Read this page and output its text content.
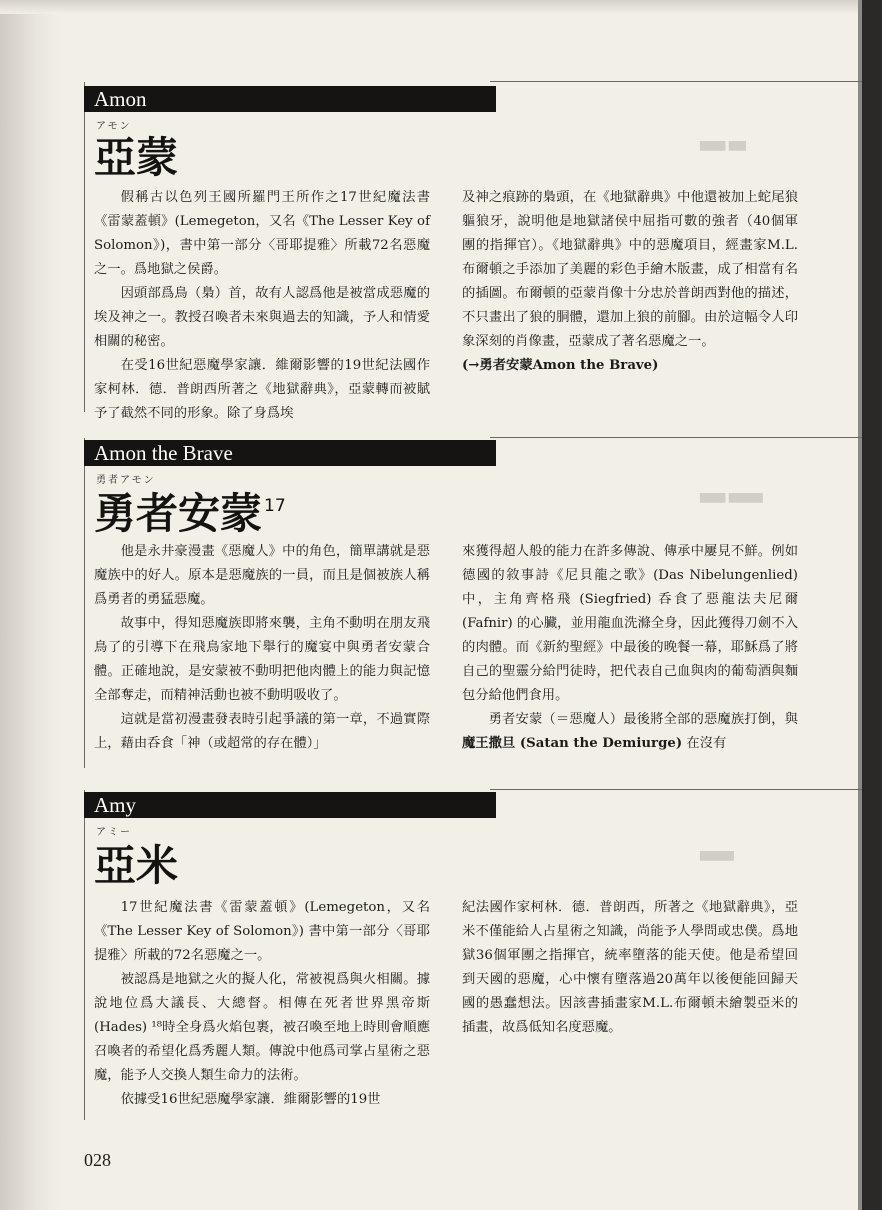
▆▆▆ ▆▆
▆▆▆ ▆▆▆▆
▆▆▆▆
Amon
アモン
亞蒙

假稱古以色列王國所羅門王所作之17世紀魔法書《雷蒙蓋頓》(Lemegeton，又名《The Lesser Key of Solomon》)，書中第一部分〈哥耶提雅〉所載72名惡魔之一。爲地獄之侯爵。

因頭部爲鳥（梟）首，故有人認爲他是被當成惡魔的埃及神之一。教授召喚者未來與過去的知識，予人和情愛相關的秘密。

在受16世紀惡魔學家讓．維爾影響的19世紀法國作家柯林．德．普朗西所著之《地獄辭典》，亞蒙轉而被賦予了截然不同的形象。除了身爲埃

及神之痕跡的梟頭，在《地獄辭典》中他還被加上蛇尾狼軀狼牙，說明他是地獄諸侯中屈指可數的強者（40個軍團的指揮官）。《地獄辭典》中的惡魔項目，經畫家M.L.布爾頓之手添加了美麗的彩色手繪木版畫，成了相當有名的插圖。布爾頓的亞蒙肖像十分忠於普朗西對他的描述，不只畫出了狼的胴體，還加上狼的前腳。由於這幅令人印象深刻的肖像畫，亞蒙成了著名惡魔之一。

(→勇者安蒙Amon the Brave)

Amon the Brave
勇者アモン
勇者安蒙 $^{17}$

他是永井豪漫畫《惡魔人》中的角色，簡單講就是惡魔族中的好人。原本是惡魔族的一員，而且是個被族人稱爲勇者的勇猛惡魔。

故事中，得知惡魔族即將來襲，主角不動明在朋友飛鳥了的引導下在飛鳥家地下舉行的魔宴中與勇者安蒙合體。正確地說，是安蒙被不動明把他肉體上的能力與記憶全部奪走，而精神活動也被不動明吸收了。

這就是當初漫畫發表時引起爭議的第一章，不過實際上，藉由呑食「神（或超常的存在體）」

來獲得超人般的能力在許多傳說、傳承中屢見不鮮。例如德國的敘事詩《尼貝龍之歌》(Das Nibelungenlied) 中，主角齊格飛 (Siegfried) 呑食了惡龍法夫尼爾 (Fafnir) 的心臟，並用龍血洗滌全身，因此獲得刀劍不入的肉體。而《新約聖經》中最後的晚餐一幕，耶穌爲了將自己的聖靈分給門徒時，把代表自己血與肉的葡萄酒與麵包分給他們食用。

勇者安蒙（＝惡魔人）最後將全部的惡魔族打倒，與魔王撒旦 (Satan the Demiurge) 在沒有

Amy
アミー
亞米

17世紀魔法書《雷蒙蓋頓》(Lemegeton，又名《The Lesser Key of Solomon》) 書中第一部分〈哥耶提雅〉所載的72名惡魔之一。

被認爲是地獄之火的擬人化，常被視爲與火相關。據說地位爲大議長、大總督。相傳在死者世界黑帝斯 (Hades) ¹⁸時全身爲火焰包裹，被召喚至地上時則會順應召喚者的希望化爲秀麗人類。傳說中他爲司掌占星術之惡魔，能予人交換人類生命力的法術。

依據受16世紀惡魔學家讓．維爾影響的19世

紀法國作家柯林．德．普朗西，所著之《地獄辭典》，亞米不僅能給人占星術之知識，尚能予人學問或忠僕。爲地獄36個軍團之指揮官，統率墮落的能天使。他是希望回到天國的惡魔，心中懷有墮落過20萬年以後便能回歸天國的愚蠢想法。因該書插畫家M.L.布爾頓未繪製亞米的插畫，故爲低知名度惡魔。

028
